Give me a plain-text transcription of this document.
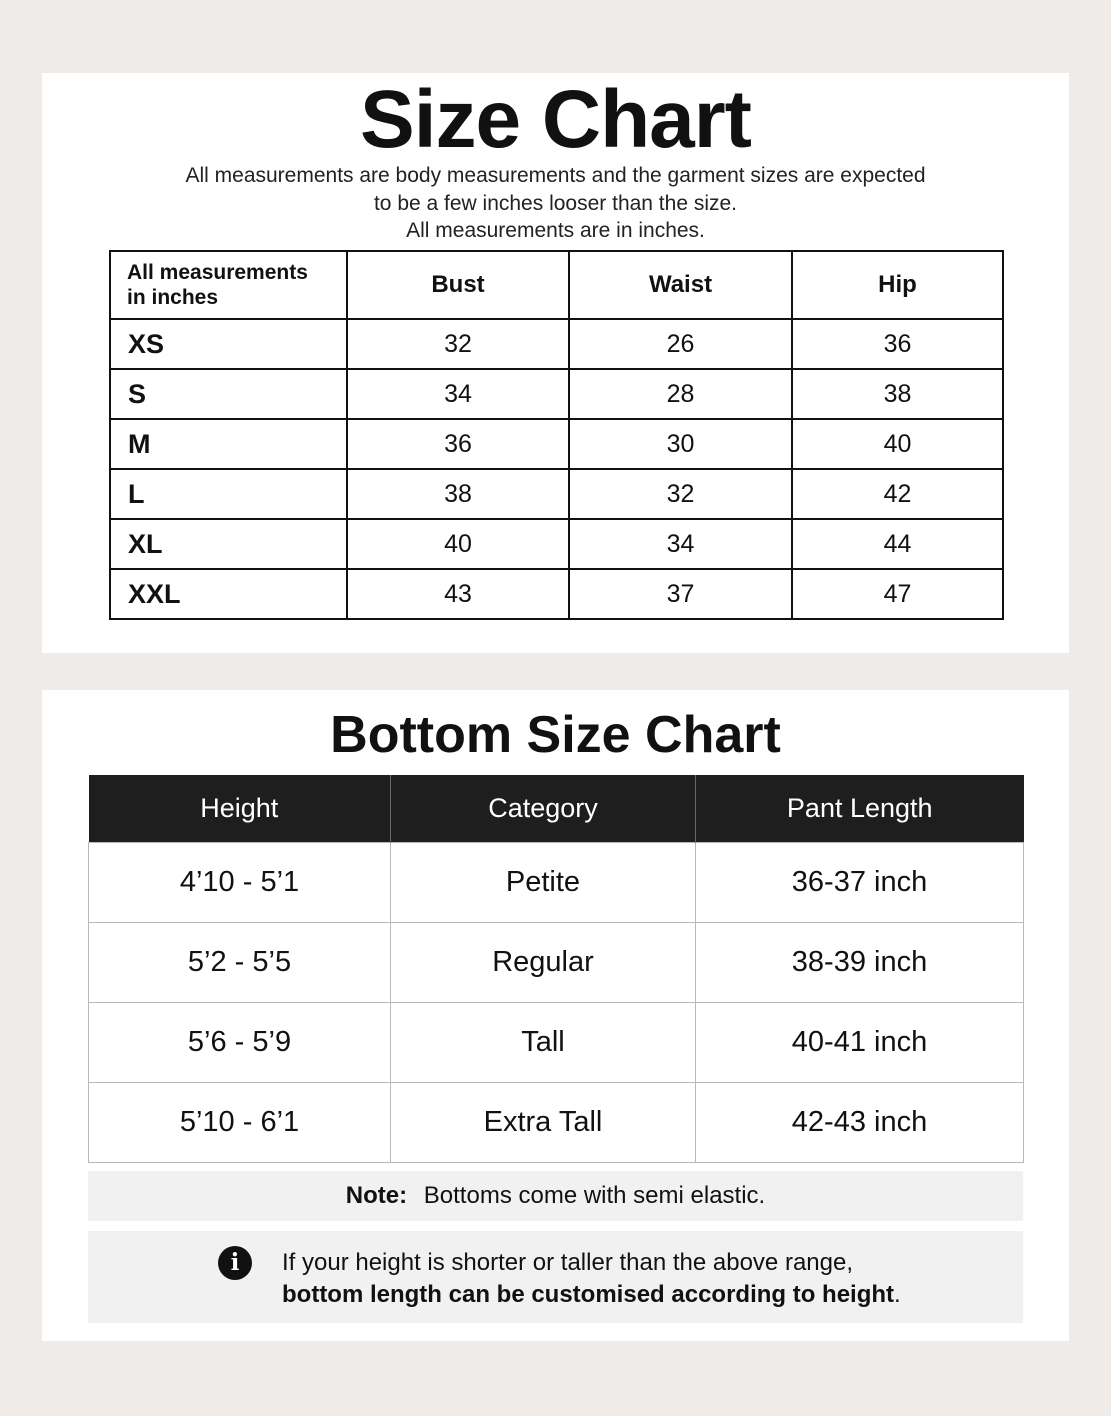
Size Chart
All measurements are body measurements and the garment sizes are expected
to be a few inches looser than the size.
All measurements are in inches.
All measurements
in inches	Bust	Waist	Hip
XS	32	26	36
S	34	28	38
M	36	30	40
L	38	32	42
XL	40	34	44
XXL	43	37	47
Bottom Size Chart
Height	Category	Pant Length
4’10 - 5’1	Petite	36-37 inch
5’2 - 5’5	Regular	38-39 inch
5’6 - 5’9	Tall	40-41 inch
5’10 - 6’1	Extra Tall	42-43 inch
Note: Bottoms come with semi elastic.
i	If your height is shorter or taller than the above range,
bottom length can be customised according to height.
